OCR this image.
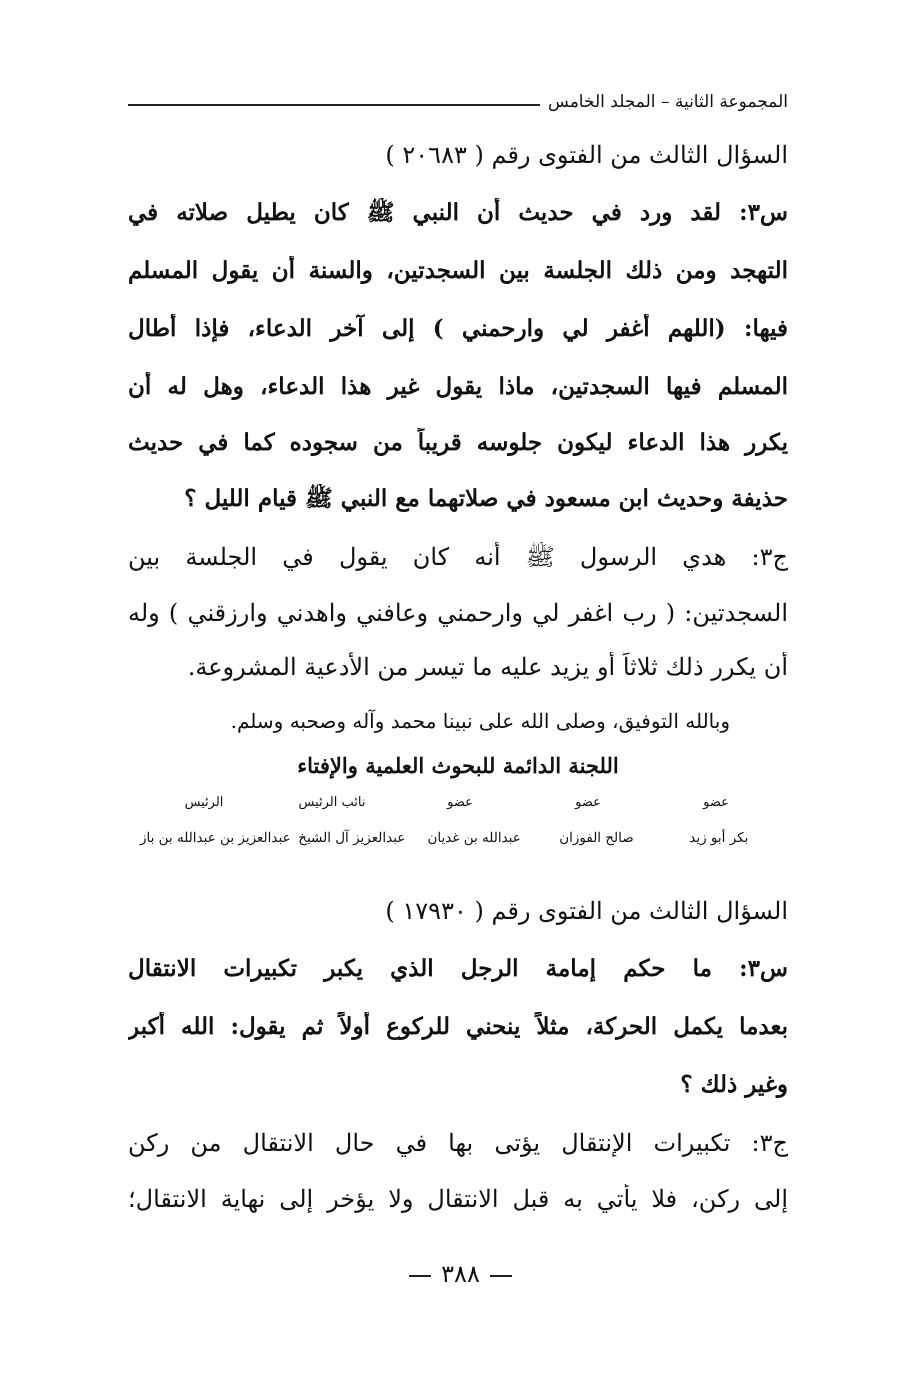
المجموعة الثانية – المجلد الخامس
السؤال الثالث من الفتوى رقم ( ٢٠٦٨٣ )
س٣: لقد ورد في حديث أن النبي ﷺ كان يطيل صلاته في
التهجد ومن ذلك الجلسة بين السجدتين، والسنة أن يقول المسلم
فيها: (اللهم أغفر لي وارحمني ) إلى آخر الدعاء، فإذا أطال
المسلم فيها السجدتين، ماذا يقول غير هذا الدعاء، وهل له أن
يكرر هذا الدعاء ليكون جلوسه قريباً من سجوده كما في حديث
حذيفة وحديث ابن مسعود في صلاتهما مع النبي ﷺ قيام الليل ؟
ج٣: هدي الرسول ﷺ أنه كان يقول في الجلسة بين
السجدتين: ( رب اغفر لي وارحمني وعافني واهدني وارزقني ) وله
أن يكرر ذلك ثلاثاً أو يزيد عليه ما تيسر من الأدعية المشروعة.
وبالله التوفيق، وصلى الله على نبينا محمد وآله وصحبه وسلم.
اللجنة الدائمة للبحوث العلمية والإفتاء
عضو
عضو
عضو
نائب الرئيس
الرئيس
بكر أبو زيد
صالح الفوزان
عبدالله بن غديان
عبدالعزيز آل الشيخ
عبدالعزيز بن عبدالله بن باز
السؤال الثالث من الفتوى رقم ( ١٧٩٣٠ )
س٣: ما حكم إمامة الرجل الذي يكبر تكبيرات الانتقال
بعدما يكمل الحركة، مثلاً ينحني للركوع أولاً ثم يقول: الله أكبر
وغير ذلك ؟
ج٣: تكبيرات الإنتقال يؤتى بها في حال الانتقال من ركن
إلى ركن، فلا يأتي به قبل الانتقال ولا يؤخر إلى نهاية الانتقال؛
٣٨٨
